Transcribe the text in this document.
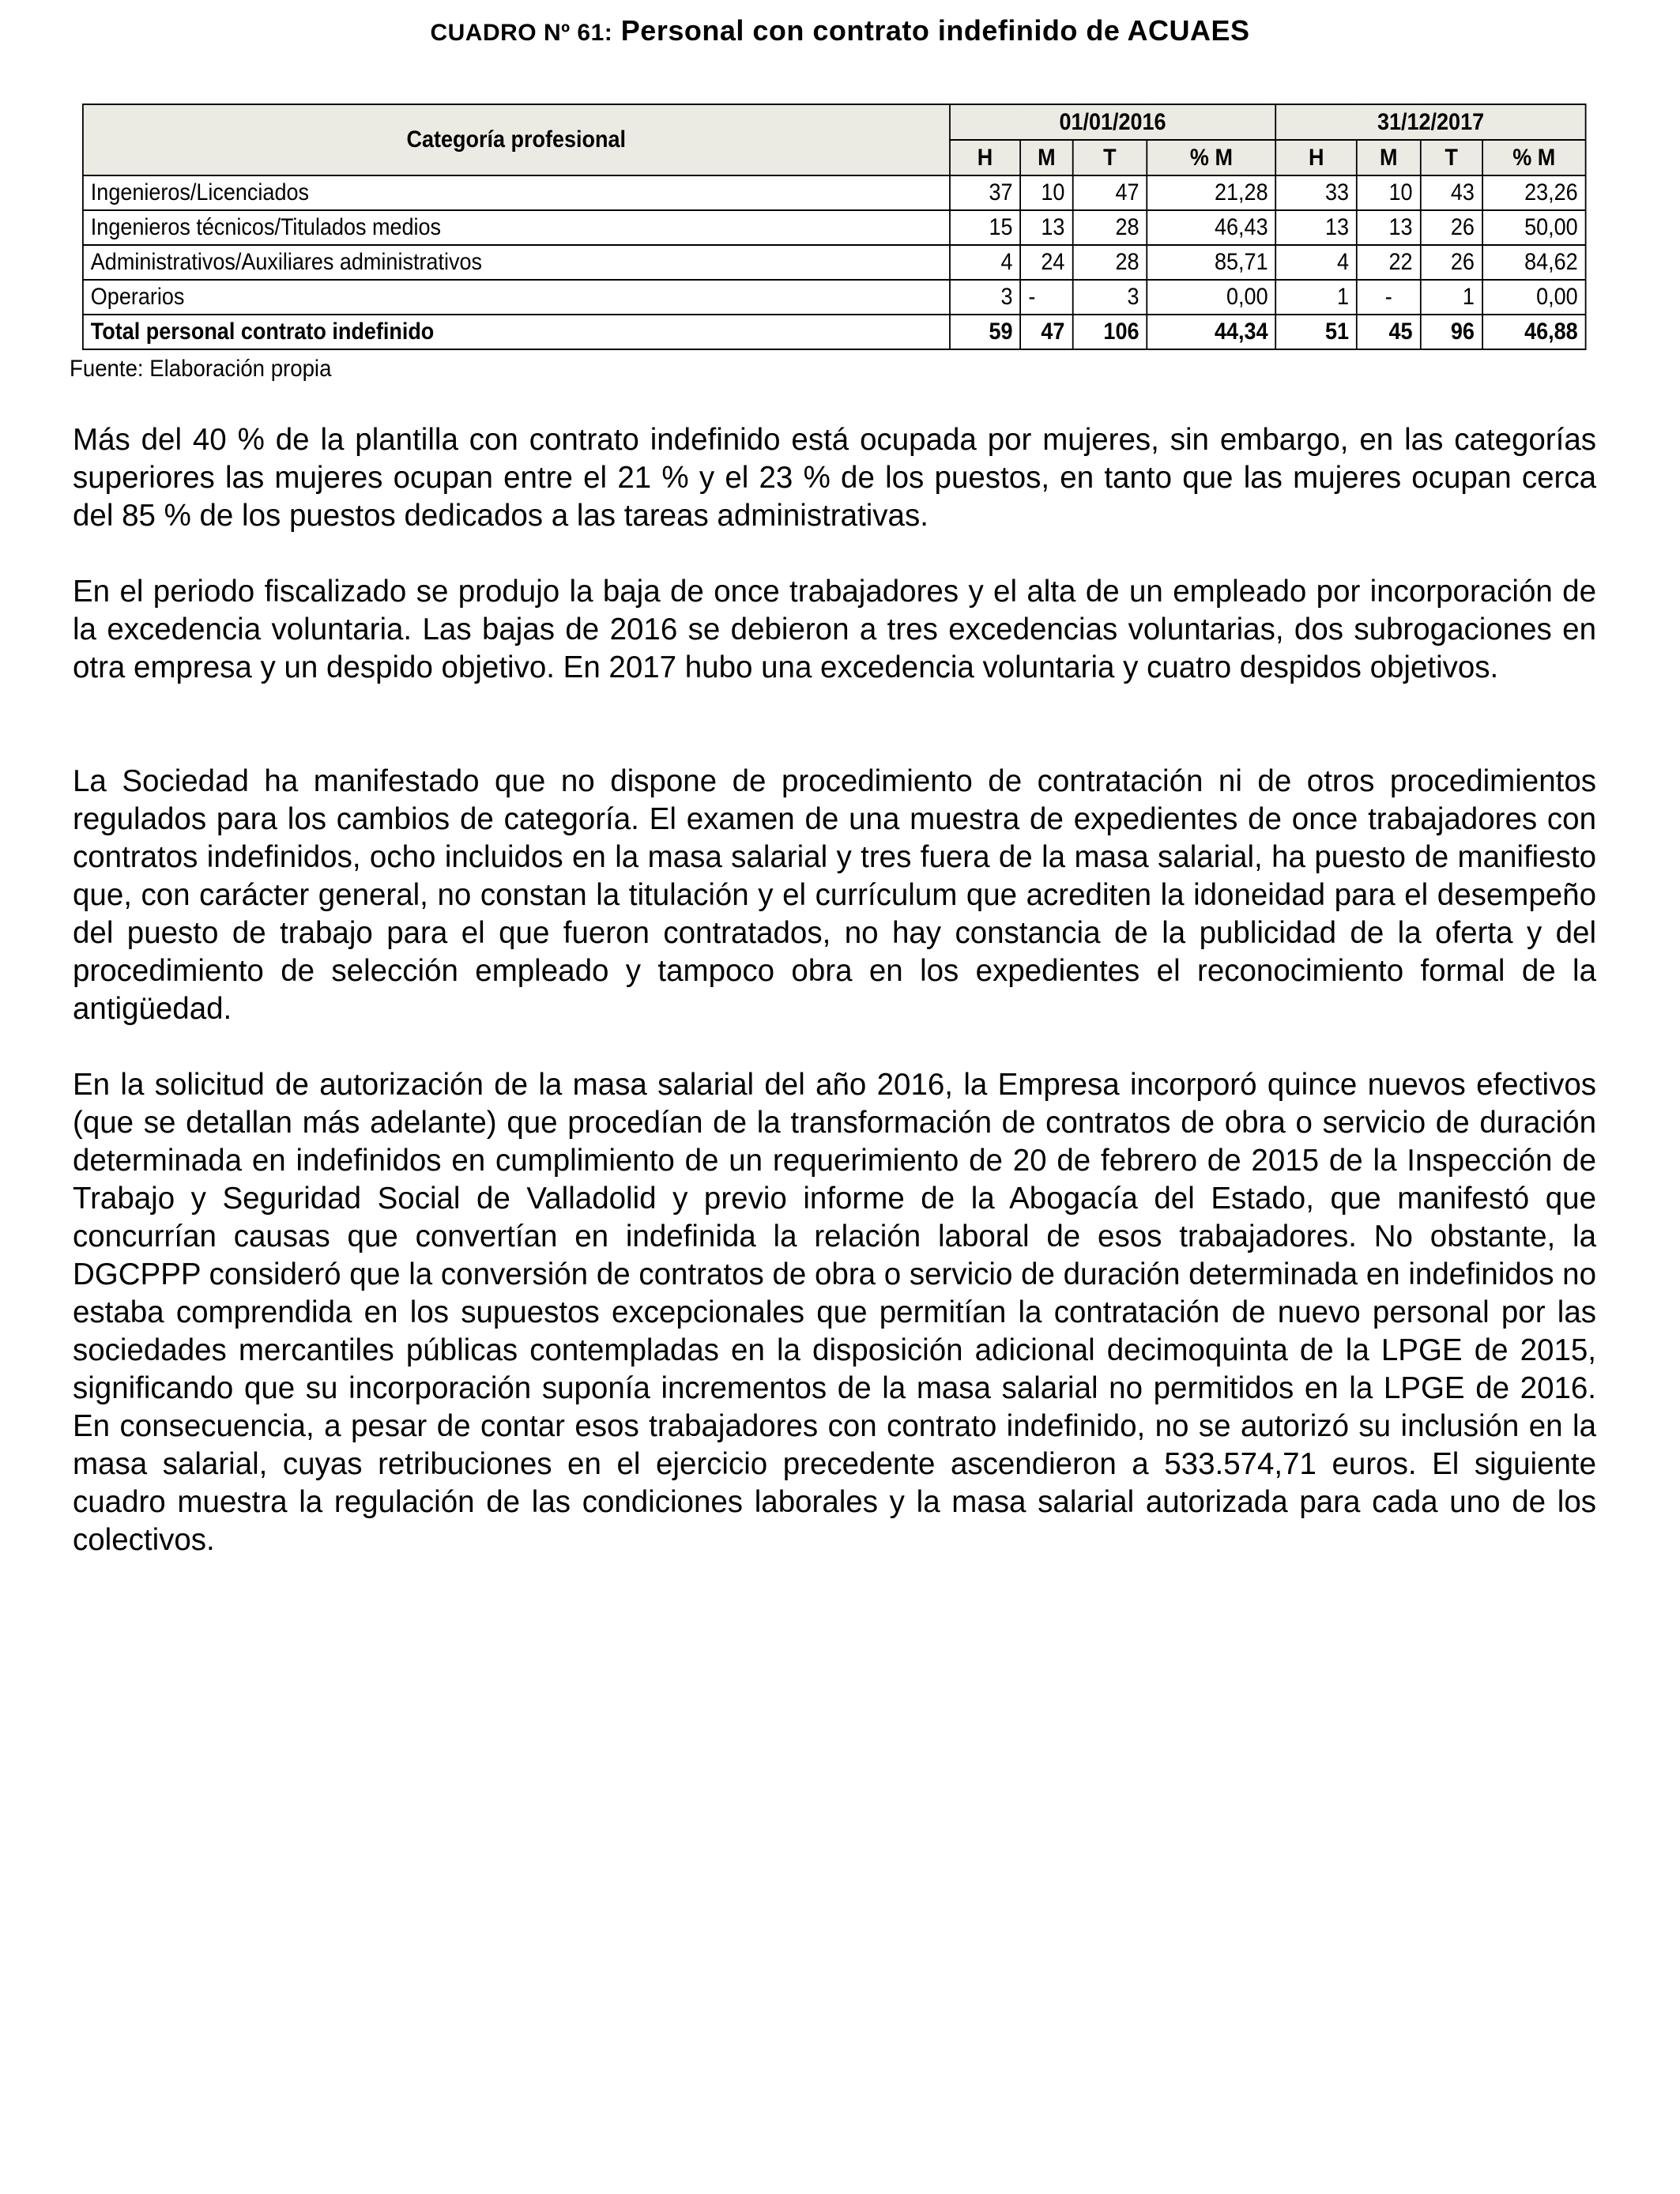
CUADRO Nº 61: Personal con contrato indefinido de ACUAES
Categoría profesional	01/01/2016				31/12/2017			
	H	M	T	% M	H	M	T	% M
Ingenieros/Licenciados	37	10	47	21,28	33	10	43	23,26
Ingenieros técnicos/Titulados medios	15	13	28	46,43	13	13	26	50,00
Administrativos/Auxiliares administrativos	4	24	28	85,71	4	22	26	84,62
Operarios	3	-	3	0,00	1	-	1	0,00
Total personal contrato indefinido	59	47	106	44,34	51	45	96	46,88
Fuente: Elaboración propia

Más del 40 % de la plantilla con contrato indefinido está ocupada por mujeres, sin embargo, en las categorías superiores las mujeres ocupan entre el 21 % y el 23 % de los puestos, en tanto que las mujeres ocupan cerca del 85 % de los puestos dedicados a las tareas administrativas.

En el periodo fiscalizado se produjo la baja de once trabajadores y el alta de un empleado por incorporación de la excedencia voluntaria. Las bajas de 2016 se debieron a tres excedencias voluntarias, dos subrogaciones en otra empresa y un despido objetivo. En 2017 hubo una excedencia voluntaria y cuatro despidos objetivos.

La Sociedad ha manifestado que no dispone de procedimiento de contratación ni de otros procedimientos regulados para los cambios de categoría. El examen de una muestra de expedientes de once trabajadores con contratos indefinidos, ocho incluidos en la masa salarial y tres fuera de la masa salarial, ha puesto de manifiesto que, con carácter general, no constan la titulación y el currículum que acrediten la idoneidad para el desempeño del puesto de trabajo para el que fueron contratados, no hay constancia de la publicidad de la oferta y del procedimiento de selección empleado y tampoco obra en los expedientes el reconocimiento formal de la antigüedad.

En la solicitud de autorización de la masa salarial del año 2016, la Empresa incorporó quince nuevos efectivos (que se detallan más adelante) que procedían de la transformación de contratos de obra o servicio de duración determinada en indefinidos en cumplimiento de un requerimiento de 20 de febrero de 2015 de la Inspección de Trabajo y Seguridad Social de Valladolid y previo informe de la Abogacía del Estado, que manifestó que concurrían causas que convertían en indefinida la relación laboral de esos trabajadores. No obstante, la DGCPPP consideró que la conversión de contratos de obra o servicio de duración determinada en indefinidos no estaba comprendida en los supuestos excepcionales que permitían la contratación de nuevo personal por las sociedades mercantiles públicas contempladas en la disposición adicional decimoquinta de la LPGE de 2015, significando que su incorporación suponía incrementos de la masa salarial no permitidos en la LPGE de 2016. En consecuencia, a pesar de contar esos trabajadores con contrato indefinido, no se autorizó su inclusión en la masa salarial, cuyas retribuciones en el ejercicio precedente ascendieron a 533.574,71 euros. El siguiente cuadro muestra la regulación de las condiciones laborales y la masa salarial autorizada para cada uno de los colectivos.
